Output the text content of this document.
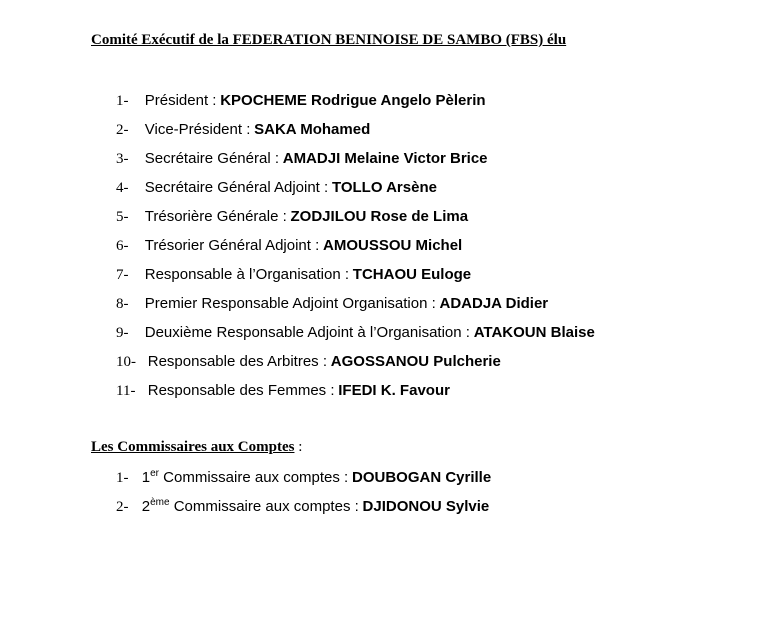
Comité Exécutif de la FEDERATION BENINOISE DE SAMBO (FBS) élu
1- Président : KPOCHEME Rodrigue Angelo Pèlerin
2- Vice-Président : SAKA Mohamed
3- Secrétaire Général : AMADJI Melaine Victor Brice
4- Secrétaire Général Adjoint : TOLLO Arsène
5- Trésorière Générale : ZODJILOU Rose de Lima
6- Trésorier Général Adjoint : AMOUSSOU Michel
7- Responsable à l’Organisation : TCHAOU Euloge
8- Premier Responsable Adjoint Organisation : ADADJA Didier
9- Deuxième Responsable Adjoint à l’Organisation : ATAKOUN Blaise
10- Responsable des Arbitres : AGOSSANOU Pulcherie
11- Responsable des Femmes : IFEDI K. Favour
Les Commissaires aux Comptes :
1- 1er Commissaire aux comptes : DOUBOGAN Cyrille
2- 2ème Commissaire aux comptes : DJIDONOU Sylvie
